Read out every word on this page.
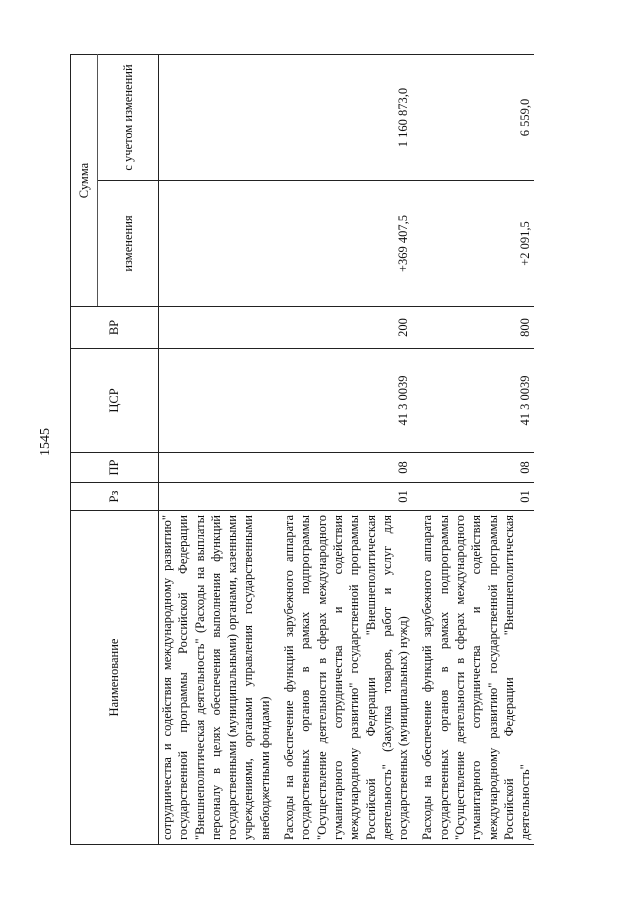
1545
Наименование	Рз	ПР	ЦСР	ВР	Сумма	
					изменения	с учетом изменений
сотрудничества и содействия международному развитию" государственной программы Российской Федерации "Внешнеполитическая деятельность" (Расходы на выплаты персоналу в целях обеспечения выполнения функций государственными (муниципальными) органами, казенными учреждениями, органами управления государственными внебюджетными фондами)						

Расходы на обеспечение функций зарубежного аппарата государственных органов в рамках подпрограммы "Осуществление деятельности в сферах международного гуманитарного сотрудничества и содействия международному развитию" государственной программы Российской Федерации "Внешнеполитическая деятельность" (Закупка товаров, работ и услуг для государственных (муниципальных) нужд)	01	08	41 3 0039	200	+369 407,5	1 160 873,0

Расходы на обеспечение функций зарубежного аппарата государственных органов в рамках подпрограммы "Осуществление деятельности в сферах международного гуманитарного сотрудничества и содействия международному развитию" государственной программы Российской Федерации "Внешнеполитическая деятельность"	01	08	41 3 0039	800	+2 091,5	6 559,0
